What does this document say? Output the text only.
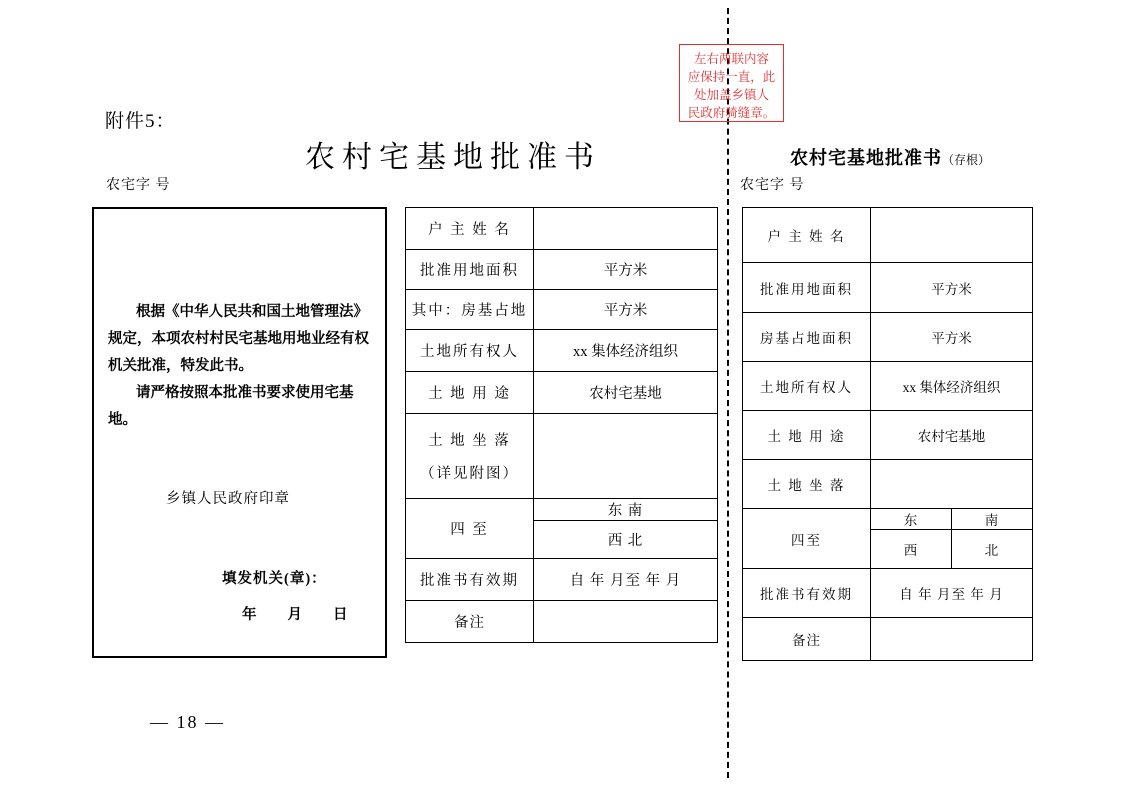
左右两联内容
应保持一直，此
处加盖乡镇人
民政府骑缝章。
附件5：
农村宅基地批准书	农村宅基地批准书（存根）
农宅字 号	农宅字 号
根据《中华人民共和国土地管理法》规定，本项农村村民宅基地用地业经有权机关批准，特发此书。
请严格按照本批准书要求使用宅基地。
乡镇人民政府印章
填发机关(章)：
年 月 日
户 主 姓 名	
批准用地面积	平方米
其中：房基占地	平方米
土地所有权人	xx 集体经济组织
土 地 用 途	农村宅基地

土 地 坐 落
（详见附图）	

四 至	东 南
	西 北
批准书有效期	自 年 月至 年 月
备注	
户 主 姓 名		
批准用地面积	平方米	
房基占地面积	平方米	
土地所有权人	xx 集体经济组织	
土 地 用 途	农村宅基地	
土 地 坐 落		
四至	东	南
	西	北
批准书有效期	自 年 月至 年 月	
备注		
— 18 —
